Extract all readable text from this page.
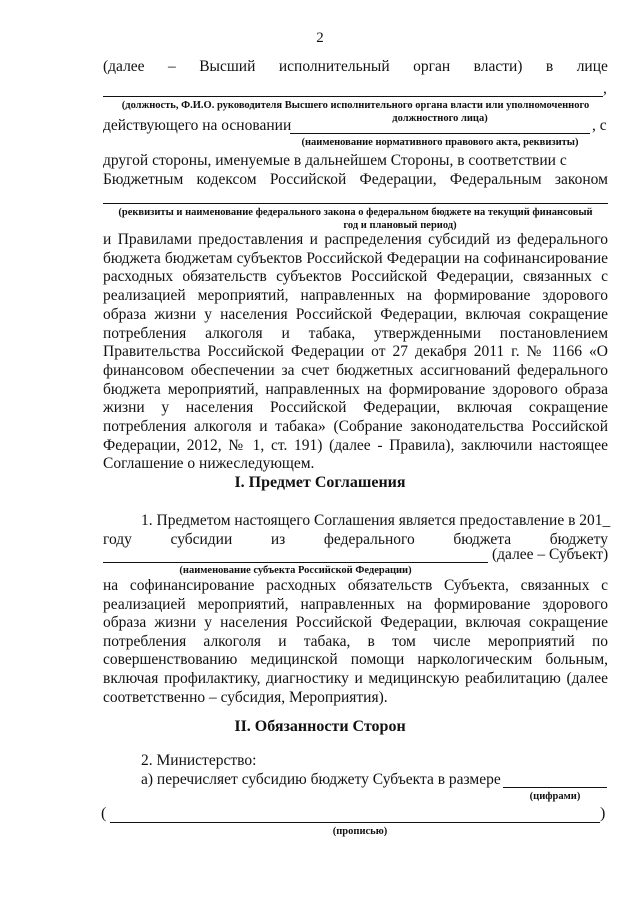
2
(далее – Высший исполнительный орган власти) в лице
,
(должность, Ф.И.О. руководителя Высшего исполнительного органа власти или уполномоченного
должностного лица)
действующего на основании	, с
(наименование нормативного правового акта, реквизиты)
другой стороны, именуемые в дальнейшем Стороны, в соответствии с
Бюджетным кодексом Российской Федерации, Федеральным законом
(реквизиты и наименование федерального закона о федеральном бюджете на текущий финансовый
год и плановый период)
и Правилами предоставления и распределения субсидий из федерального бюджета бюджетам субъектов Российской Федерации на софинансирование расходных обязательств субъектов Российской Федерации, связанных с реализацией мероприятий, направленных на формирование здорового образа жизни у населения Российской Федерации, включая сокращение потребления алкоголя и табака, утвержденными постановлением Правительства Российской Федерации от 27 декабря 2011 г. № 1166 «О финансовом обеспечении за счет бюджетных ассигнований федерального бюджета мероприятий, направленных на формирование здорового образа жизни у населения Российской Федерации, включая сокращение потребления алкоголя и табака» (Собрание законодательства Российской Федерации, 2012, № 1, ст. 191) (далее - Правила), заключили настоящее Соглашение о нижеследующем.
I. Предмет Соглашения
1. Предметом настоящего Соглашения является предоставление в 201_
году субсидии из федерального бюджета бюджету
(далее – Субъект)
(наименование субъекта Российской Федерации)
на софинансирование расходных обязательств Субъекта, связанных с реализацией мероприятий, направленных на формирование здорового образа жизни у населения Российской Федерации, включая сокращение потребления алкоголя и табака, в том числе мероприятий по совершенствованию медицинской помощи наркологическим больным, включая профилактику, диагностику и медицинскую реабилитацию (далее соответственно – субсидия, Мероприятия).
II. Обязанности Сторон
2. Министерство:
а) перечисляет субсидию бюджету Субъекта в размере
(цифрами)
(	)
(прописью)
